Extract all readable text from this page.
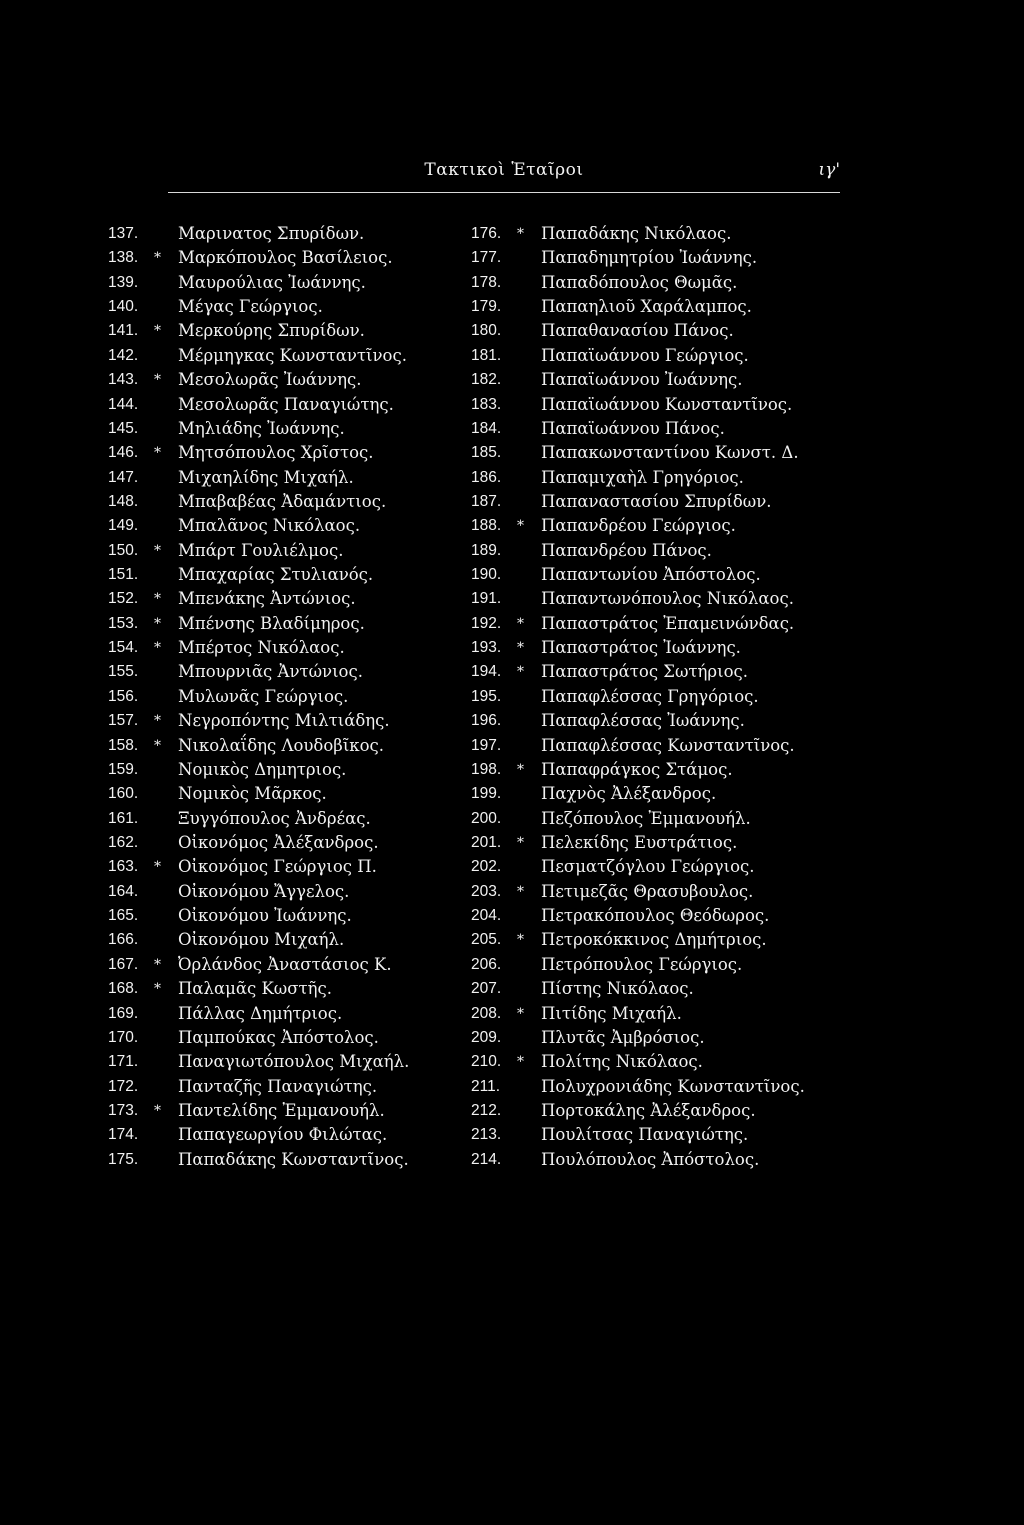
Τακτικοὶ Ἑταῖροι	ιγ'
137. Μαρινατος Σπυρίδων.
138. * Μαρκόπουλος Βασίλειος.
139. Μαυρούλιας Ἰωάννης.
140. Μέγας Γεώργιος.
141. * Μερκούρης Σπυρίδων.
142. Μέρμηγκας Κωνσταντῖνος.
143. * Μεσολωρᾶς Ἰωάννης.
144. Μεσολωρᾶς Παναγιώτης.
145. Μηλιάδης Ἰωάννης.
146. * Μητσόπουλος Χρῖστος.
147. Μιχαηλίδης Μιχαήλ.
148. Μπαβαβέας Ἀδαμάντιος.
149. Μπαλᾶνος Νικόλαος.
150. * Μπάρτ Γουλιέλμος.
151. Μπαχαρίας Στυλιανός.
152. * Μπενάκης Ἀντώνιος.
153. * Μπένσης Βλαδίμηρος.
154. * Μπέρτος Νικόλαος.
155. Μπουρνιᾶς Ἀντώνιος.
156. Μυλωνᾶς Γεώργιος.
157. * Νεγροπόντης Μιλτιάδης.
158. * Νικολαΐδης Λουδοβῖκος.
159. Νομικὸς Δημητριος.
160. Νομικὸς Μᾶρκος.
161. Ξυγγόπουλος Ἀνδρέας.
162. Οἰκονόμος Ἀλέξανδρος.
163. * Οἰκονόμος Γεώργιος Π.
164. Οἰκονόμου Ἄγγελος.
165. Οἰκονόμου Ἰωάννης.
166. Οἰκονόμου Μιχαήλ.
167. * Ὀρλάνδος Ἀναστάσιος Κ.
168. * Παλαμᾶς Κωστῆς.
169. Πάλλας Δημήτριος.
170. Παμπούκας Ἀπόστολος.
171. Παναγιωτόπουλος Μιχαήλ.
172. Πανταζῆς Παναγιώτης.
173. * Παντελίδης Ἐμμανουήλ.
174. Παπαγεωργίου Φιλώτας.
175. Παπαδάκης Κωνσταντῖνος.
176. * Παπαδάκης Νικόλαος.
177. Παπαδημητρίου Ἰωάννης.
178. Παπαδόπουλος Θωμᾶς.
179. Παπαηλιοῦ Χαράλαμπος.
180. Παπαθανασίου Πάνος.
181. Παπαϊωάννου Γεώργιος.
182. Παπαϊωάννου Ἰωάννης.
183. Παπαϊωάννου Κωνσταντῖνος.
184. Παπαϊωάννου Πάνος.
185. Παπακωνσταντίνου Κωνστ. Δ.
186. Παπαμιχαὴλ Γρηγόριος.
187. Παπαναστασίου Σπυρίδων.
188. * Παπανδρέου Γεώργιος.
189. Παπανδρέου Πάνος.
190. Παπαντωνίου Ἀπόστολος.
191. Παπαντωνόπουλος Νικόλαος.
192. * Παπαστράτος Ἐπαμεινώνδας.
193. * Παπαστράτος Ἰωάννης.
194. * Παπαστράτος Σωτήριος.
195. Παπαφλέσσας Γρηγόριος.
196. Παπαφλέσσας Ἰωάννης.
197. Παπαφλέσσας Κωνσταντῖνος.
198. * Παπαφράγκος Στάμος.
199. Παχνὸς Ἀλέξανδρος.
200. Πεζόπουλος Ἐμμανουήλ.
201. * Πελεκίδης Ευστράτιος.
202. Πεσματζόγλου Γεώργιος.
203. * Πετιμεζᾶς Θρασυβουλος.
204. Πετρακόπουλος Θεόδωρος.
205. * Πετροκόκκινος Δημήτριος.
206. Πετρόπουλος Γεώργιος.
207. Πίστης Νικόλαος.
208. * Πιτίδης Μιχαήλ.
209. Πλυτᾶς Ἀμβρόσιος.
210. * Πολίτης Νικόλαος.
211. Πολυχρονιάδης Κωνσταντῖνος.
212. Πορτοκάλης Ἀλέξανδρος.
213. Πουλίτσας Παναγιώτης.
214. Πουλόπουλος Ἀπόστολος.
